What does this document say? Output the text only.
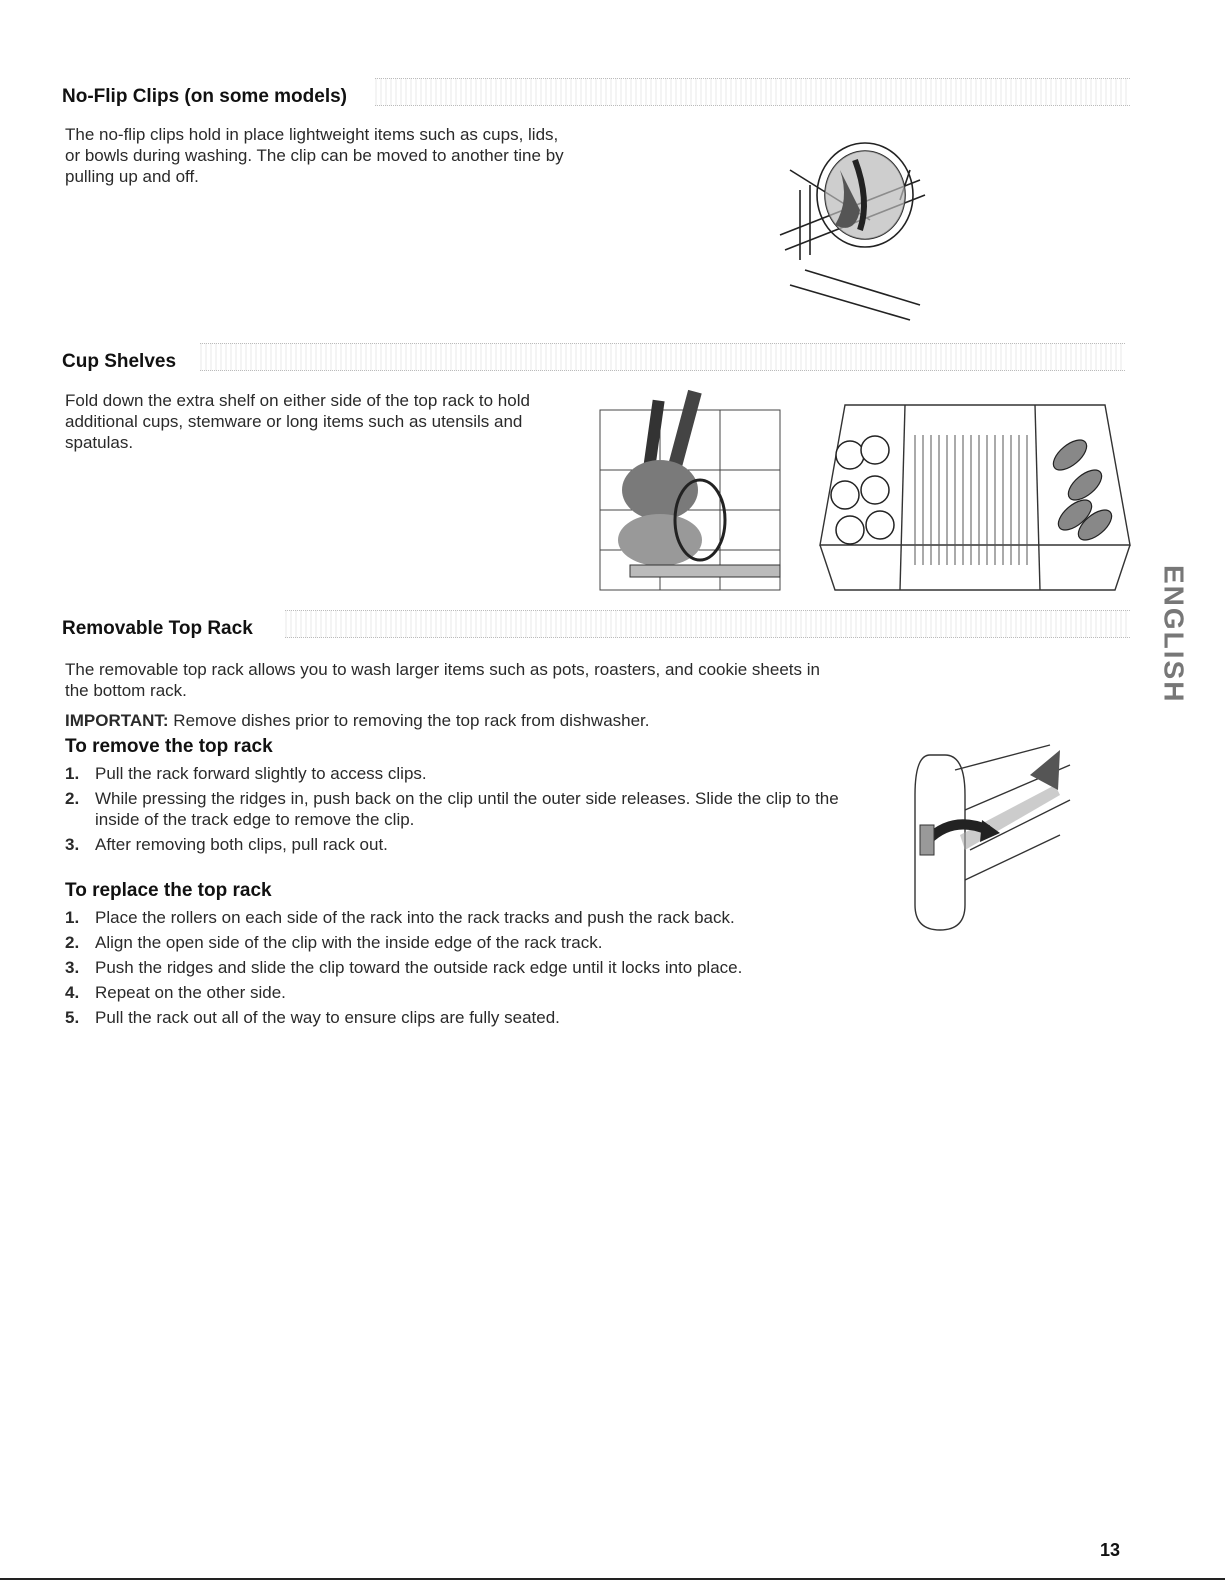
No-Flip Clips (on some models)

The no-flip clips hold in place lightweight items such as cups, lids, or bowls during washing. The clip can be moved to another tine by pulling up and off.

Cup Shelves

Fold down the extra shelf on either side of the top rack to hold additional cups, stemware or long items such as utensils and spatulas.

Removable Top Rack

The removable top rack allows you to wash larger items such as pots, roasters, and cookie sheets in the bottom rack.

IMPORTANT: Remove dishes prior to removing the top rack from dishwasher.

To remove the top rack
1. Pull the rack forward slightly to access clips.
2. While pressing the ridges in, push back on the clip until the outer side releases. Slide the clip to the inside of the track edge to remove the clip.
3. After removing both clips, pull rack out.
To replace the top rack
1. Place the rollers on each side of the rack into the rack tracks and push the rack back.
2. Align the open side of the clip with the inside edge of the rack track.
3. Push the ridges and slide the clip toward the outside rack edge until it locks into place.
4. Repeat on the other side.
5. Pull the rack out all of the way to ensure clips are fully seated.
ENGLISH
13
